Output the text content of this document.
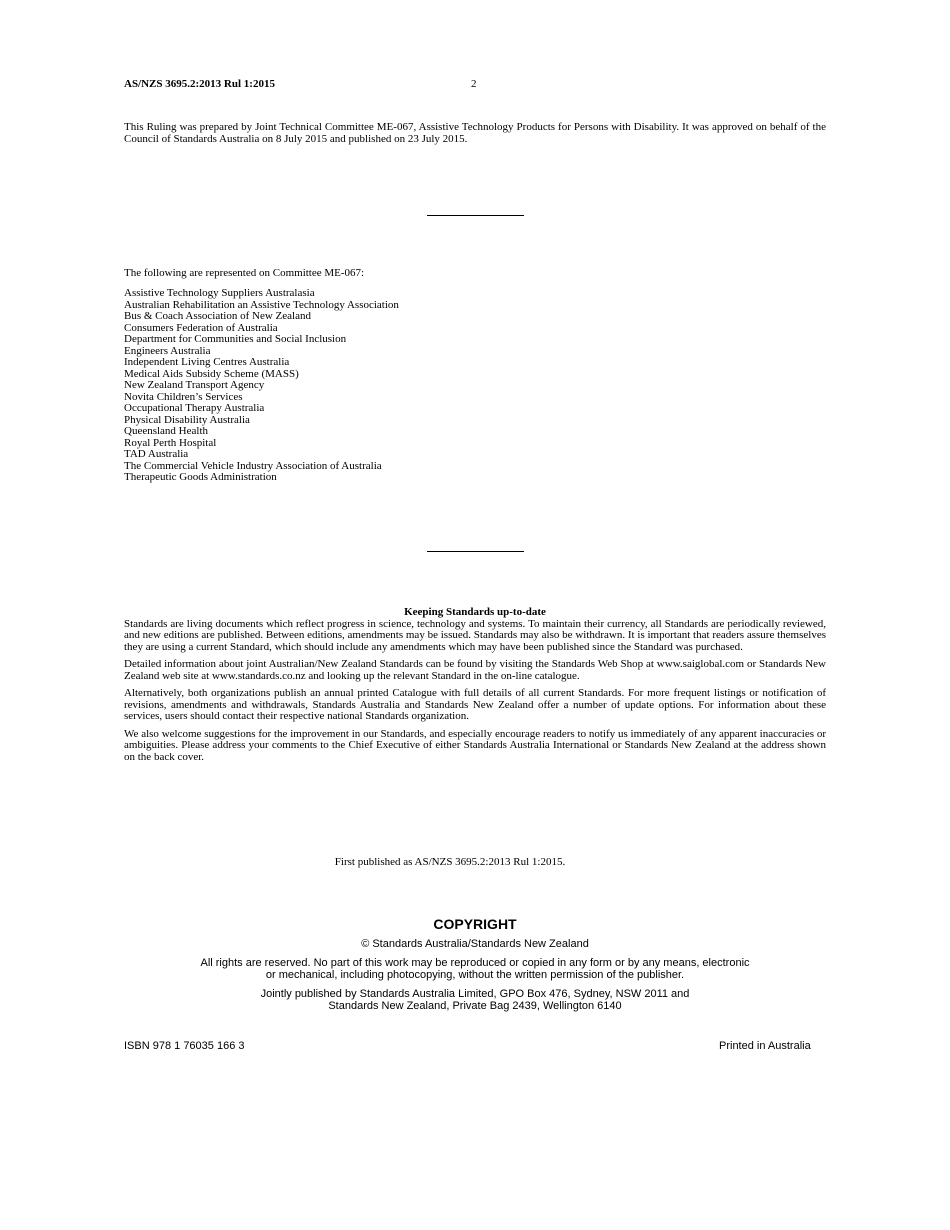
AS/NZS 3695.2:2013 Rul 1:2015	2
This Ruling was prepared by Joint Technical Committee ME-067, Assistive Technology Products for Persons with Disability. It was approved on behalf of the Council of Standards Australia on 8 July 2015 and published on 23 July 2015.
The following are represented on Committee ME-067:
Assistive Technology Suppliers Australasia
Australian Rehabilitation an Assistive Technology Association
Bus & Coach Association of New Zealand
Consumers Federation of Australia
Department for Communities and Social Inclusion
Engineers Australia
Independent Living Centres Australia
Medical Aids Subsidy Scheme (MASS)
New Zealand Transport Agency
Novita Children’s Services
Occupational Therapy Australia
Physical Disability Australia
Queensland Health
Royal Perth Hospital
TAD Australia
The Commercial Vehicle Industry Association of Australia
Therapeutic Goods Administration
Keeping Standards up-to-date

Standards are living documents which reflect progress in science, technology and systems. To maintain their currency, all Standards are periodically reviewed, and new editions are published. Between editions, amendments may be issued. Standards may also be withdrawn. It is important that readers assure themselves they are using a current Standard, which should include any amendments which may have been published since the Standard was purchased.

Detailed information about joint Australian/New Zealand Standards can be found by visiting the Standards Web Shop at www.saiglobal.com or Standards New Zealand web site at www.standards.co.nz and looking up the relevant Standard in the on-line catalogue.

Alternatively, both organizations publish an annual printed Catalogue with full details of all current Standards. For more frequent listings or notification of revisions, amendments and withdrawals, Standards Australia and Standards New Zealand offer a number of update options. For information about these services, users should contact their respective national Standards organization.

We also welcome suggestions for the improvement in our Standards, and especially encourage readers to notify us immediately of any apparent inaccuracies or ambiguities. Please address your comments to the Chief Executive of either Standards Australia International or Standards New Zealand at the address shown on the back cover.

First published as AS/NZS 3695.2:2013 Rul 1:2015.
COPYRIGHT
© Standards Australia/Standards New Zealand
All rights are reserved. No part of this work may be reproduced or copied in any form or by any means, electronic
or mechanical, including photocopying, without the written permission of the publisher.
Jointly published by Standards Australia Limited, GPO Box 476, Sydney, NSW 2011 and
Standards New Zealand, Private Bag 2439, Wellington 6140
ISBN 978 1 76035 166 3	Printed in Australia
